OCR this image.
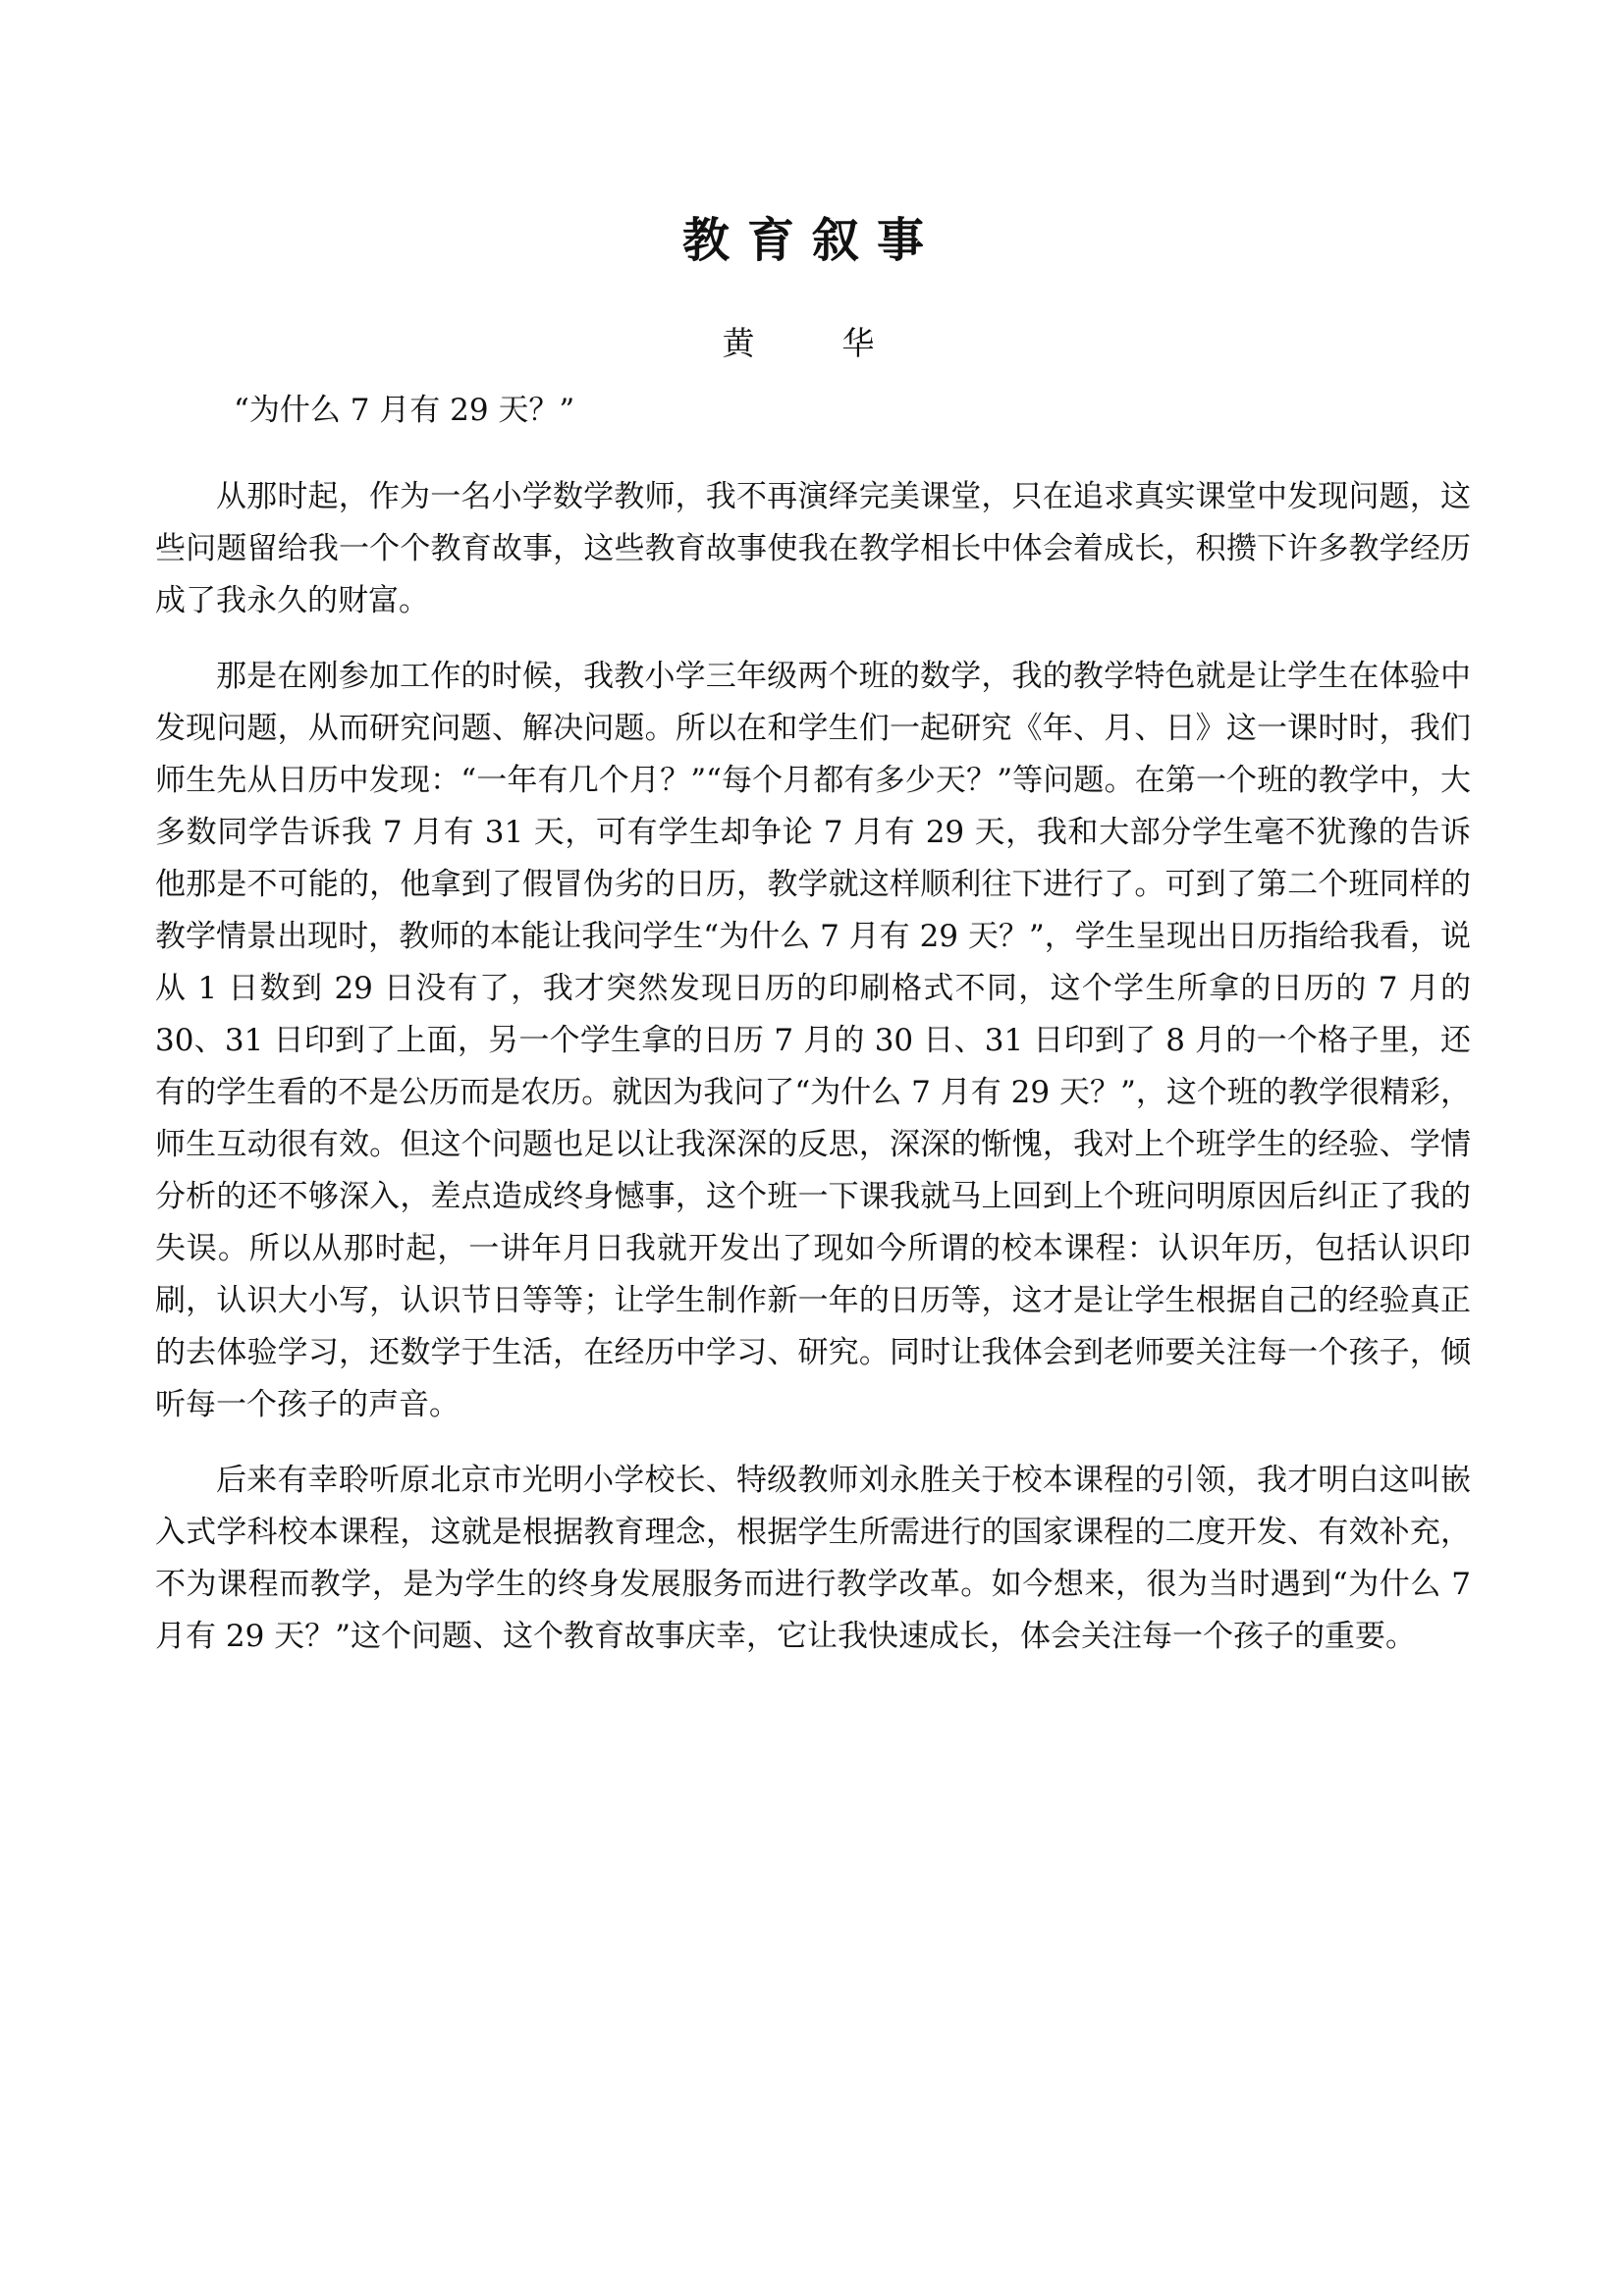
教育叙事

黄　华

“为什么 7 月有 29 天？”

从那时起，作为一名小学数学教师，我不再演绎完美课堂，只在追求真实课堂中发现问题，这些问题留给我一个个教育故事，这些教育故事使我在教学相长中体会着成长，积攒下许多教学经历成了我永久的财富。

那是在刚参加工作的时候，我教小学三年级两个班的数学，我的教学特色就是让学生在体验中发现问题，从而研究问题、解决问题。所以在和学生们一起研究《年、月、日》这一课时时，我们师生先从日历中发现：“一年有几个月？”“每个月都有多少天？”等问题。在第一个班的教学中，大多数同学告诉我 7 月有 31 天，可有学生却争论 7 月有 29 天，我和大部分学生毫不犹豫的告诉他那是不可能的，他拿到了假冒伪劣的日历，教学就这样顺利往下进行了。可到了第二个班同样的教学情景出现时，教师的本能让我问学生“为什么 7 月有 29 天？”，学生呈现出日历指给我看，说从 1 日数到 29 日没有了，我才突然发现日历的印刷格式不同，这个学生所拿的日历的 7 月的 30、31 日印到了上面，另一个学生拿的日历 7 月的 30 日、31 日印到了 8 月的一个格子里，还有的学生看的不是公历而是农历。就因为我问了“为什么 7 月有 29 天？”，这个班的教学很精彩，师生互动很有效。但这个问题也足以让我深深的反思，深深的惭愧，我对上个班学生的经验、学情分析的还不够深入，差点造成终身憾事，这个班一下课我就马上回到上个班问明原因后纠正了我的失误。所以从那时起，一讲年月日我就开发出了现如今所谓的校本课程：认识年历，包括认识印刷，认识大小写，认识节日等等；让学生制作新一年的日历等，这才是让学生根据自己的经验真正的去体验学习，还数学于生活，在经历中学习、研究。同时让我体会到老师要关注每一个孩子，倾听每一个孩子的声音。

后来有幸聆听原北京市光明小学校长、特级教师刘永胜关于校本课程的引领，我才明白这叫嵌入式学科校本课程，这就是根据教育理念，根据学生所需进行的国家课程的二度开发、有效补充，不为课程而教学，是为学生的终身发展服务而进行教学改革。如今想来，很为当时遇到“为什么 7 月有 29 天？”这个问题、这个教育故事庆幸，它让我快速成长，体会关注每一个孩子的重要。
